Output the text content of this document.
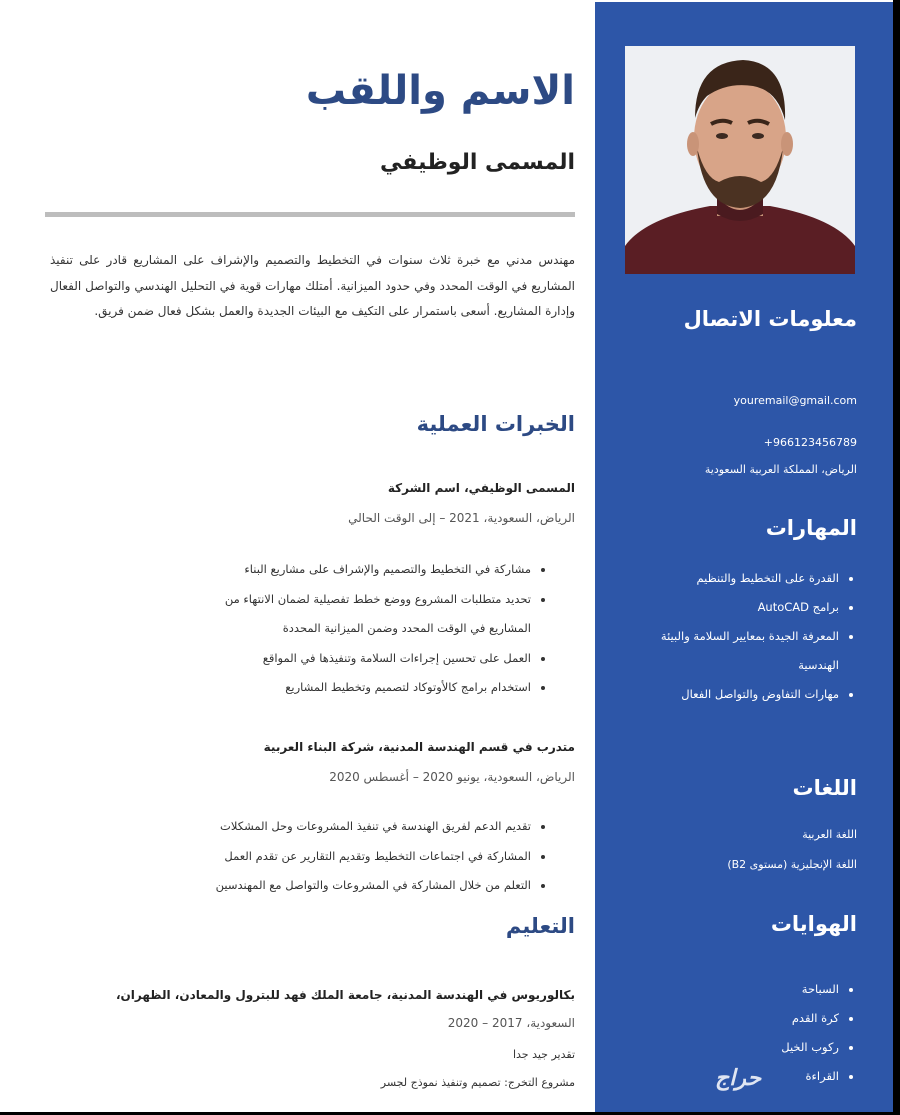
الاسم واللقب
المسمى الوظيفي

مهندس مدني مع خبرة ثلاث سنوات في التخطيط والتصميم والإشراف على المشاريع قادر على تنفيذ المشاريع في الوقت المحدد وفي حدود الميزانية. أمتلك مهارات قوية في التحليل الهندسي والتواصل الفعال وإدارة المشاريع. أسعى باستمرار على التكيف مع البيئات الجديدة والعمل بشكل فعال ضمن فريق.

الخبرات العملية
المسمى الوظيفي، اسم الشركة
الرياض، السعودية، 2021 – إلى الوقت الحالي
• مشاركة في التخطيط والتصميم والإشراف على مشاريع البناء
• تحديد متطلبات المشروع ووضع خطط تفصيلية لضمان الانتهاء من
المشاريع في الوقت المحدد وضمن الميزانية المحددة
• العمل على تحسين إجراءات السلامة وتنفيذها في المواقع
• استخدام برامج كالأوتوكاد لتصميم وتخطيط المشاريع
متدرب في قسم الهندسة المدنية، شركة البناء العربية
الرياض، السعودية، يونيو 2020 – أغسطس 2020
• تقديم الدعم لفريق الهندسة في تنفيذ المشروعات وحل المشكلات
• المشاركة في اجتماعات التخطيط وتقديم التقارير عن تقدم العمل
• التعلم من خلال المشاركة في المشروعات والتواصل مع المهندسين
التعليم
بكالوريوس في الهندسة المدنية، جامعة الملك فهد للبترول والمعادن، الظهران،
السعودية، 2017 – 2020
تقدير جيد جدا
مشروع التخرج: تصميم وتنفيذ نموذج لجسر
معلومات الاتصال
youremail@gmail.com
+966123456789
الرياض، المملكة العربية السعودية
المهارات
• القدرة على التخطيط والتنظيم
• برامج AutoCAD
• المعرفة الجيدة بمعايير السلامة والبيئة الهندسية
• مهارات التفاوض والتواصل الفعال
اللغات
اللغة العربية
اللغة الإنجليزية (مستوى B2)
الهوايات
• السباحة
• كرة القدم
• ركوب الخيل
• القراءة
حراج
